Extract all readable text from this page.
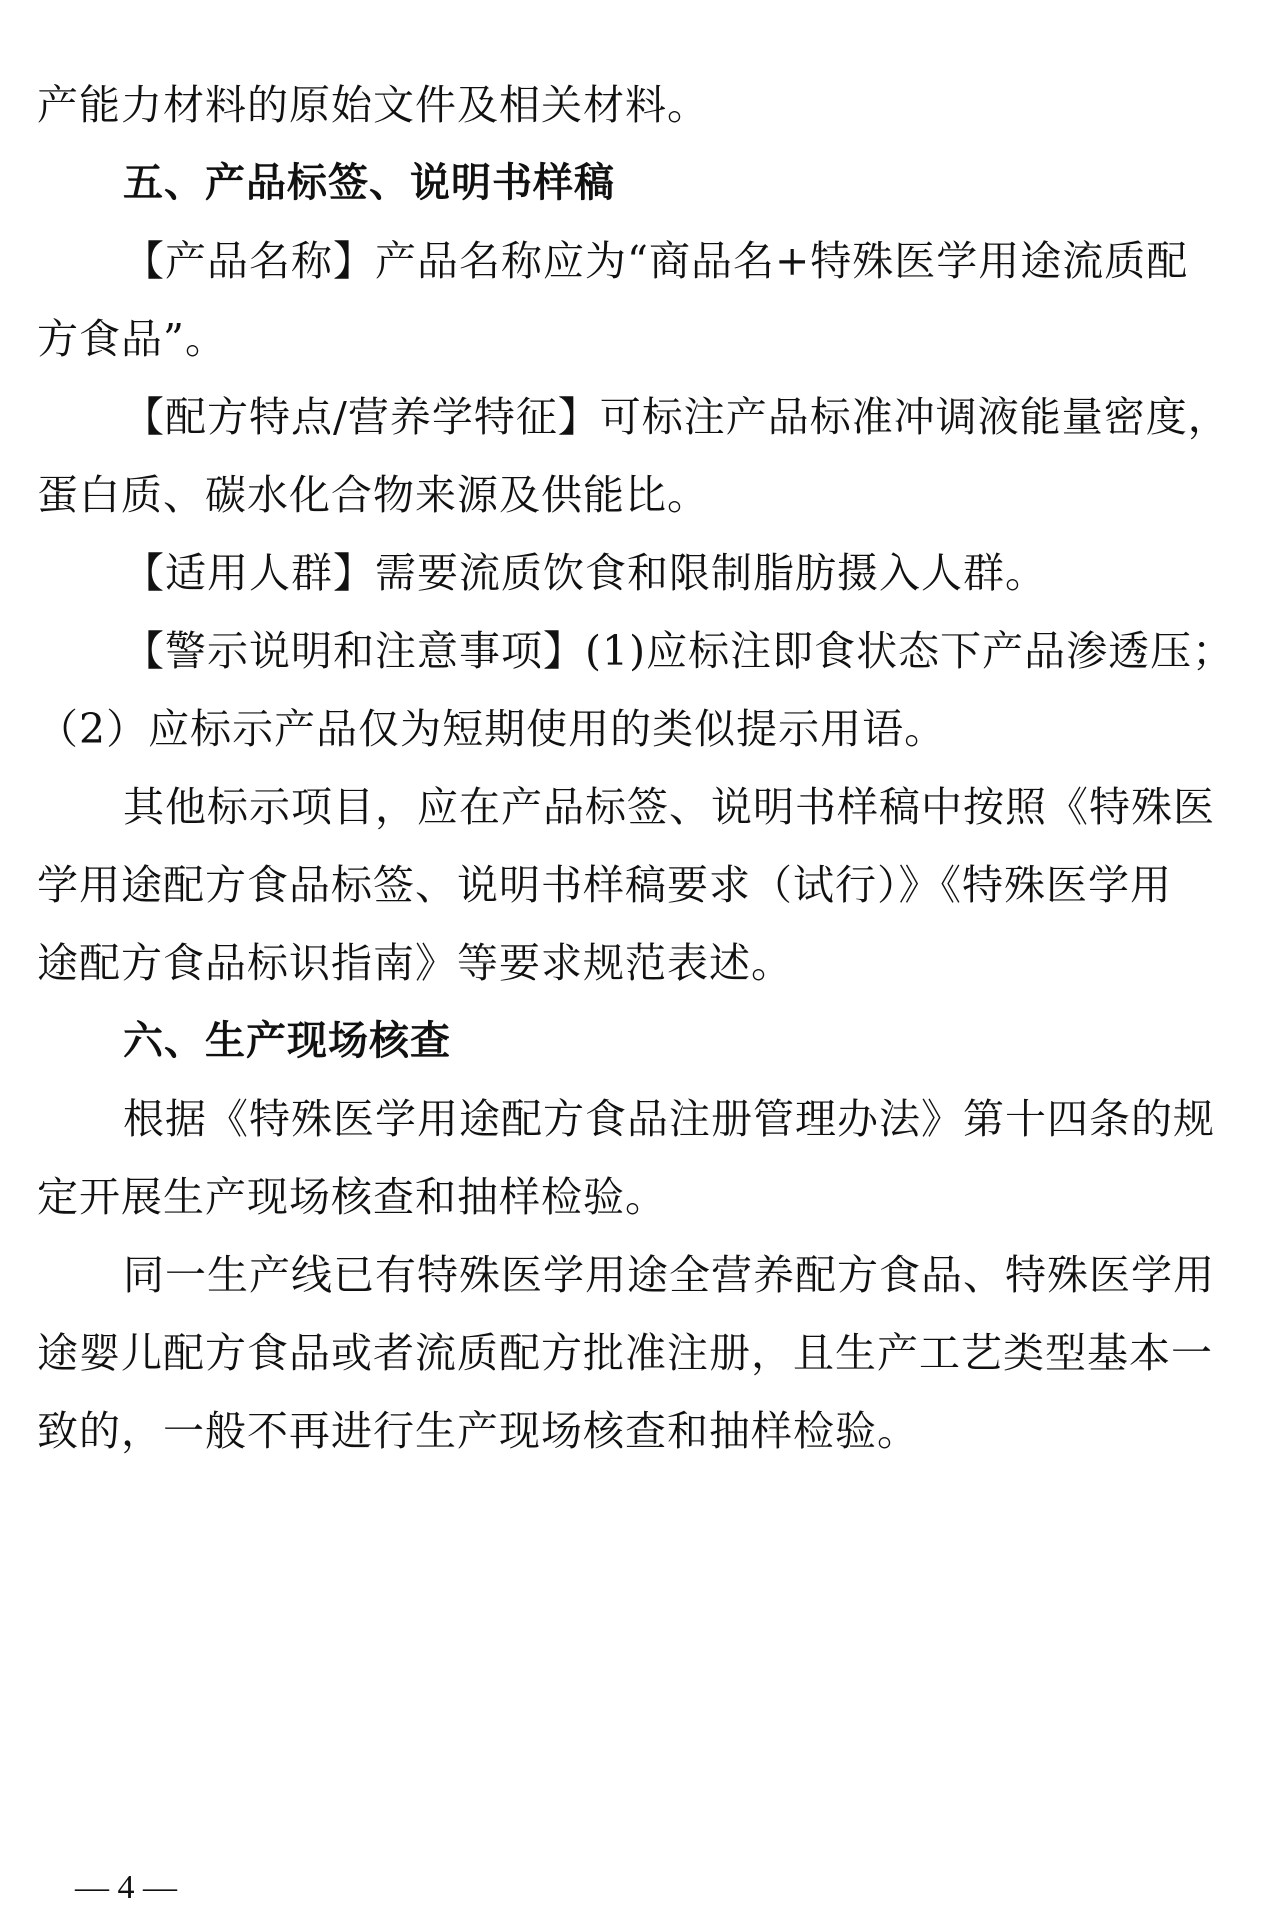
产能力材料的原始文件及相关材料。
五、产品标签、说明书样稿
【产品名称】产品名称应为“商品名+特殊医学用途流质配
方食品”。
【配方特点/营养学特征】可标注产品标准冲调液能量密度，
蛋白质、碳水化合物来源及供能比。
【适用人群】需要流质饮食和限制脂肪摄入人群。
【警示说明和注意事项】(1)应标注即食状态下产品渗透压；
（2）应标示产品仅为短期使用的类似提示用语。
其他标示项目，应在产品标签、说明书样稿中按照《特殊医
学用途配方食品标签、说明书样稿要求（试行）》《特殊医学用
途配方食品标识指南》等要求规范表述。
六、生产现场核查
根据《特殊医学用途配方食品注册管理办法》第十四条的规
定开展生产现场核查和抽样检验。
同一生产线已有特殊医学用途全营养配方食品、特殊医学用
途婴儿配方食品或者流质配方批准注册，且生产工艺类型基本一
致的，一般不再进行生产现场核查和抽样检验。
— 4 —
